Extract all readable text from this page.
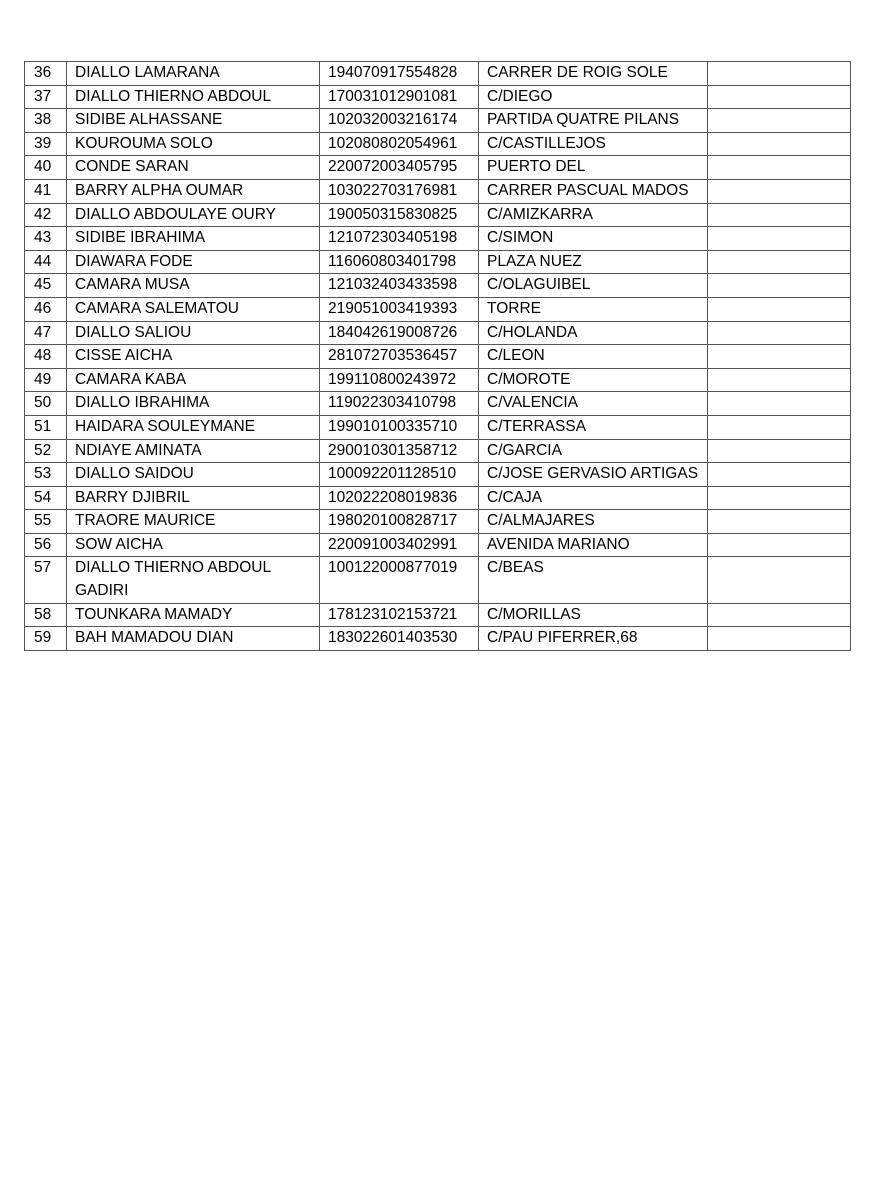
36	DIALLO LAMARANA	194070917554828	CARRER DE ROIG SOLE	
37	DIALLO THIERNO ABDOUL	170031012901081	C/DIEGO	
38	SIDIBE ALHASSANE	102032003216174	PARTIDA QUATRE PILANS	
39	KOUROUMA SOLO	102080802054961	C/CASTILLEJOS	
40	CONDE SARAN	220072003405795	PUERTO DEL	
41	BARRY ALPHA OUMAR	103022703176981	CARRER PASCUAL MADOS	
42	DIALLO ABDOULAYE OURY	190050315830825	C/AMIZKARRA	
43	SIDIBE IBRAHIMA	121072303405198	C/SIMON	
44	DIAWARA FODE	116060803401798	PLAZA NUEZ	
45	CAMARA MUSA	121032403433598	C/OLAGUIBEL	
46	CAMARA SALEMATOU	219051003419393	TORRE	
47	DIALLO SALIOU	184042619008726	C/HOLANDA	
48	CISSE AICHA	281072703536457	C/LEON	
49	CAMARA KABA	199110800243972	C/MOROTE	
50	DIALLO IBRAHIMA	119022303410798	C/VALENCIA	
51	HAIDARA SOULEYMANE	199010100335710	C/TERRASSA	
52	NDIAYE AMINATA	290010301358712	C/GARCIA	
53	DIALLO SAIDOU	100092201128510	C/JOSE GERVASIO ARTIGAS	
54	BARRY DJIBRIL	102022208019836	C/CAJA	
55	TRAORE MAURICE	198020100828717	C/ALMAJARES	
56	SOW AICHA	220091003402991	AVENIDA MARIANO	
57	DIALLO THIERNO ABDOUL GADIRI	100122000877019	C/BEAS	
58	TOUNKARA MAMADY	178123102153721	C/MORILLAS	
59	BAH MAMADOU DIAN	183022601403530	C/PAU PIFERRER,68	
